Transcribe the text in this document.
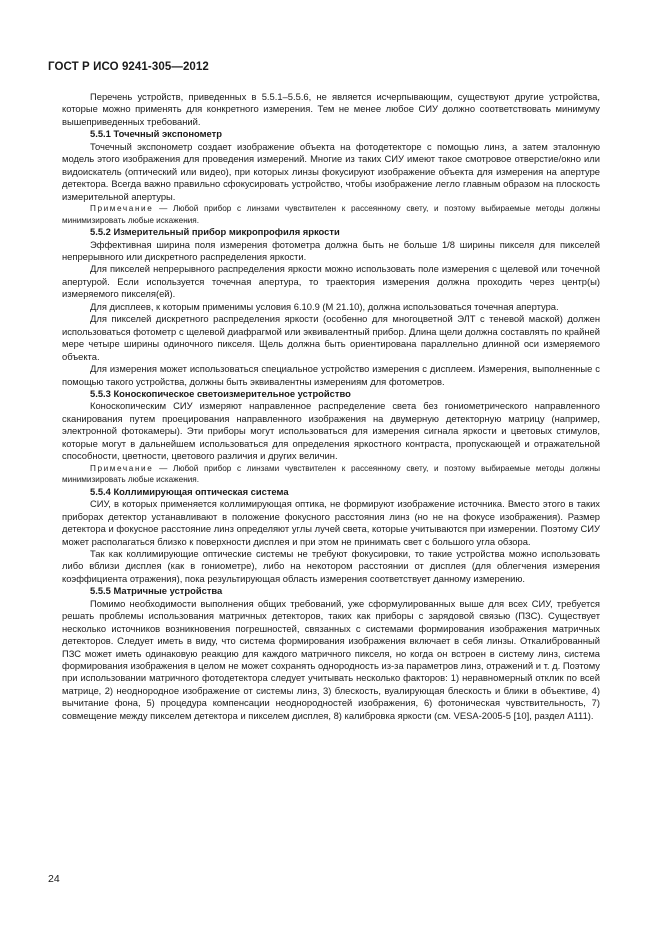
ГОСТ Р ИСО 9241-305—2012

Перечень устройств, приведенных в 5.5.1–5.5.6, не является исчерпывающим, существуют другие устройства, которые можно применять для конкретного измерения. Тем не менее любое СИУ должно соответствовать минимуму вышеприведенных требований.

5.5.1 Точечный экспонометр

Точечный экспонометр создает изображение объекта на фотодетекторе с помощью линз, а затем эталонную модель этого изображения для проведения измерений. Многие из таких СИУ имеют такое смотровое отверстие/окно или видоискатель (оптический или видео), при которых линзы фокусируют изображение объекта для измерения на апертуре детектора. Всегда важно правильно сфокусировать устройство, чтобы изображение легло главным образом на плоскость измерительной апертуры.

Примечание — Любой прибор с линзами чувствителен к рассеянному свету, и поэтому выбираемые методы должны минимизировать любые искажения.

5.5.2 Измерительный прибор микропрофиля яркости

Эффективная ширина поля измерения фотометра должна быть не больше 1/8 ширины пикселя для пикселей непрерывного или дискретного распределения яркости.

Для пикселей непрерывного распределения яркости можно использовать поле измерения с щелевой или точечной апертурой. Если используется точечная апертура, то траектория измерения должна проходить через центр(ы) измеряемого пикселя(ей).

Для дисплеев, к которым применимы условия 6.10.9 (M 21.10), должна использоваться точечная апертура.

Для пикселей дискретного распределения яркости (особенно для многоцветной ЭЛТ с теневой маской) должен использоваться фотометр с щелевой диафрагмой или эквивалентный прибор. Длина щели должна составлять по крайней мере четыре ширины одиночного пикселя. Щель должна быть ориентирована параллельно длинной оси измеряемого объекта.

Для измерения может использоваться специальное устройство измерения с дисплеем. Измерения, выполненные с помощью такого устройства, должны быть эквивалентны измерениям для фотометров.

5.5.3 Коноскопическое светоизмерительное устройство

Коноскопическим СИУ измеряют направленное распределение света без гониометрического направленного сканирования путем проецирования направленного изображения на двумерную детекторную матрицу (например, электронной фотокамеры). Эти приборы могут использоваться для измерения сигнала яркости и цветовых стимулов, которые могут в дальнейшем использоваться для определения яркостного контраста, пропускающей и отражательной способности, цветности, цветового различия и других величин.

Примечание — Любой прибор с линзами чувствителен к рассеянному свету, и поэтому выбираемые методы должны минимизировать любые искажения.

5.5.4 Коллимирующая оптическая система

СИУ, в которых применяется коллимирующая оптика, не формируют изображение источника. Вместо этого в таких приборах детектор устанавливают в положение фокусного расстояния линз (но не на фокусе изображения). Размер детектора и фокусное расстояние линз определяют углы лучей света, которые учитываются при измерении. Поэтому СИУ может располагаться близко к поверхности дисплея и при этом не принимать свет с большого угла обзора.

Так как коллимирующие оптические системы не требуют фокусировки, то такие устройства можно использовать либо вблизи дисплея (как в гониометре), либо на некотором расстоянии от дисплея (для облегчения измерения коэффициента отражения), пока результирующая область измерения соответствует данному измерению.

5.5.5 Матричные устройства

Помимо необходимости выполнения общих требований, уже сформулированных выше для всех СИУ, требуется решать проблемы использования матричных детекторов, таких как приборы с зарядовой связью (ПЗС). Существует несколько источников возникновения погрешностей, связанных с системами формирования изображения матричных детекторов. Следует иметь в виду, что система формирования изображения включает в себя линзы. Откалиброванный ПЗС может иметь одинаковую реакцию для каждого матричного пикселя, но когда он встроен в систему линз, система формирования изображения в целом не может сохранять однородность из-за параметров линз, отражений и т. д. Поэтому при использовании матричного фотодетектора следует учитывать несколько факторов: 1) неравномерный отклик по всей матрице, 2) неоднородное изображение от системы линз, 3) блескость, вуалирующая блескость и блики в объективе, 4) вычитание фона, 5) процедура компенсации неоднородностей изображения, 6) фотоническая чувствительность, 7) совмещение между пикселем детектора и пикселем дисплея, 8) калибровка яркости (см. VESA-2005-5 [10], раздел A111).

24
